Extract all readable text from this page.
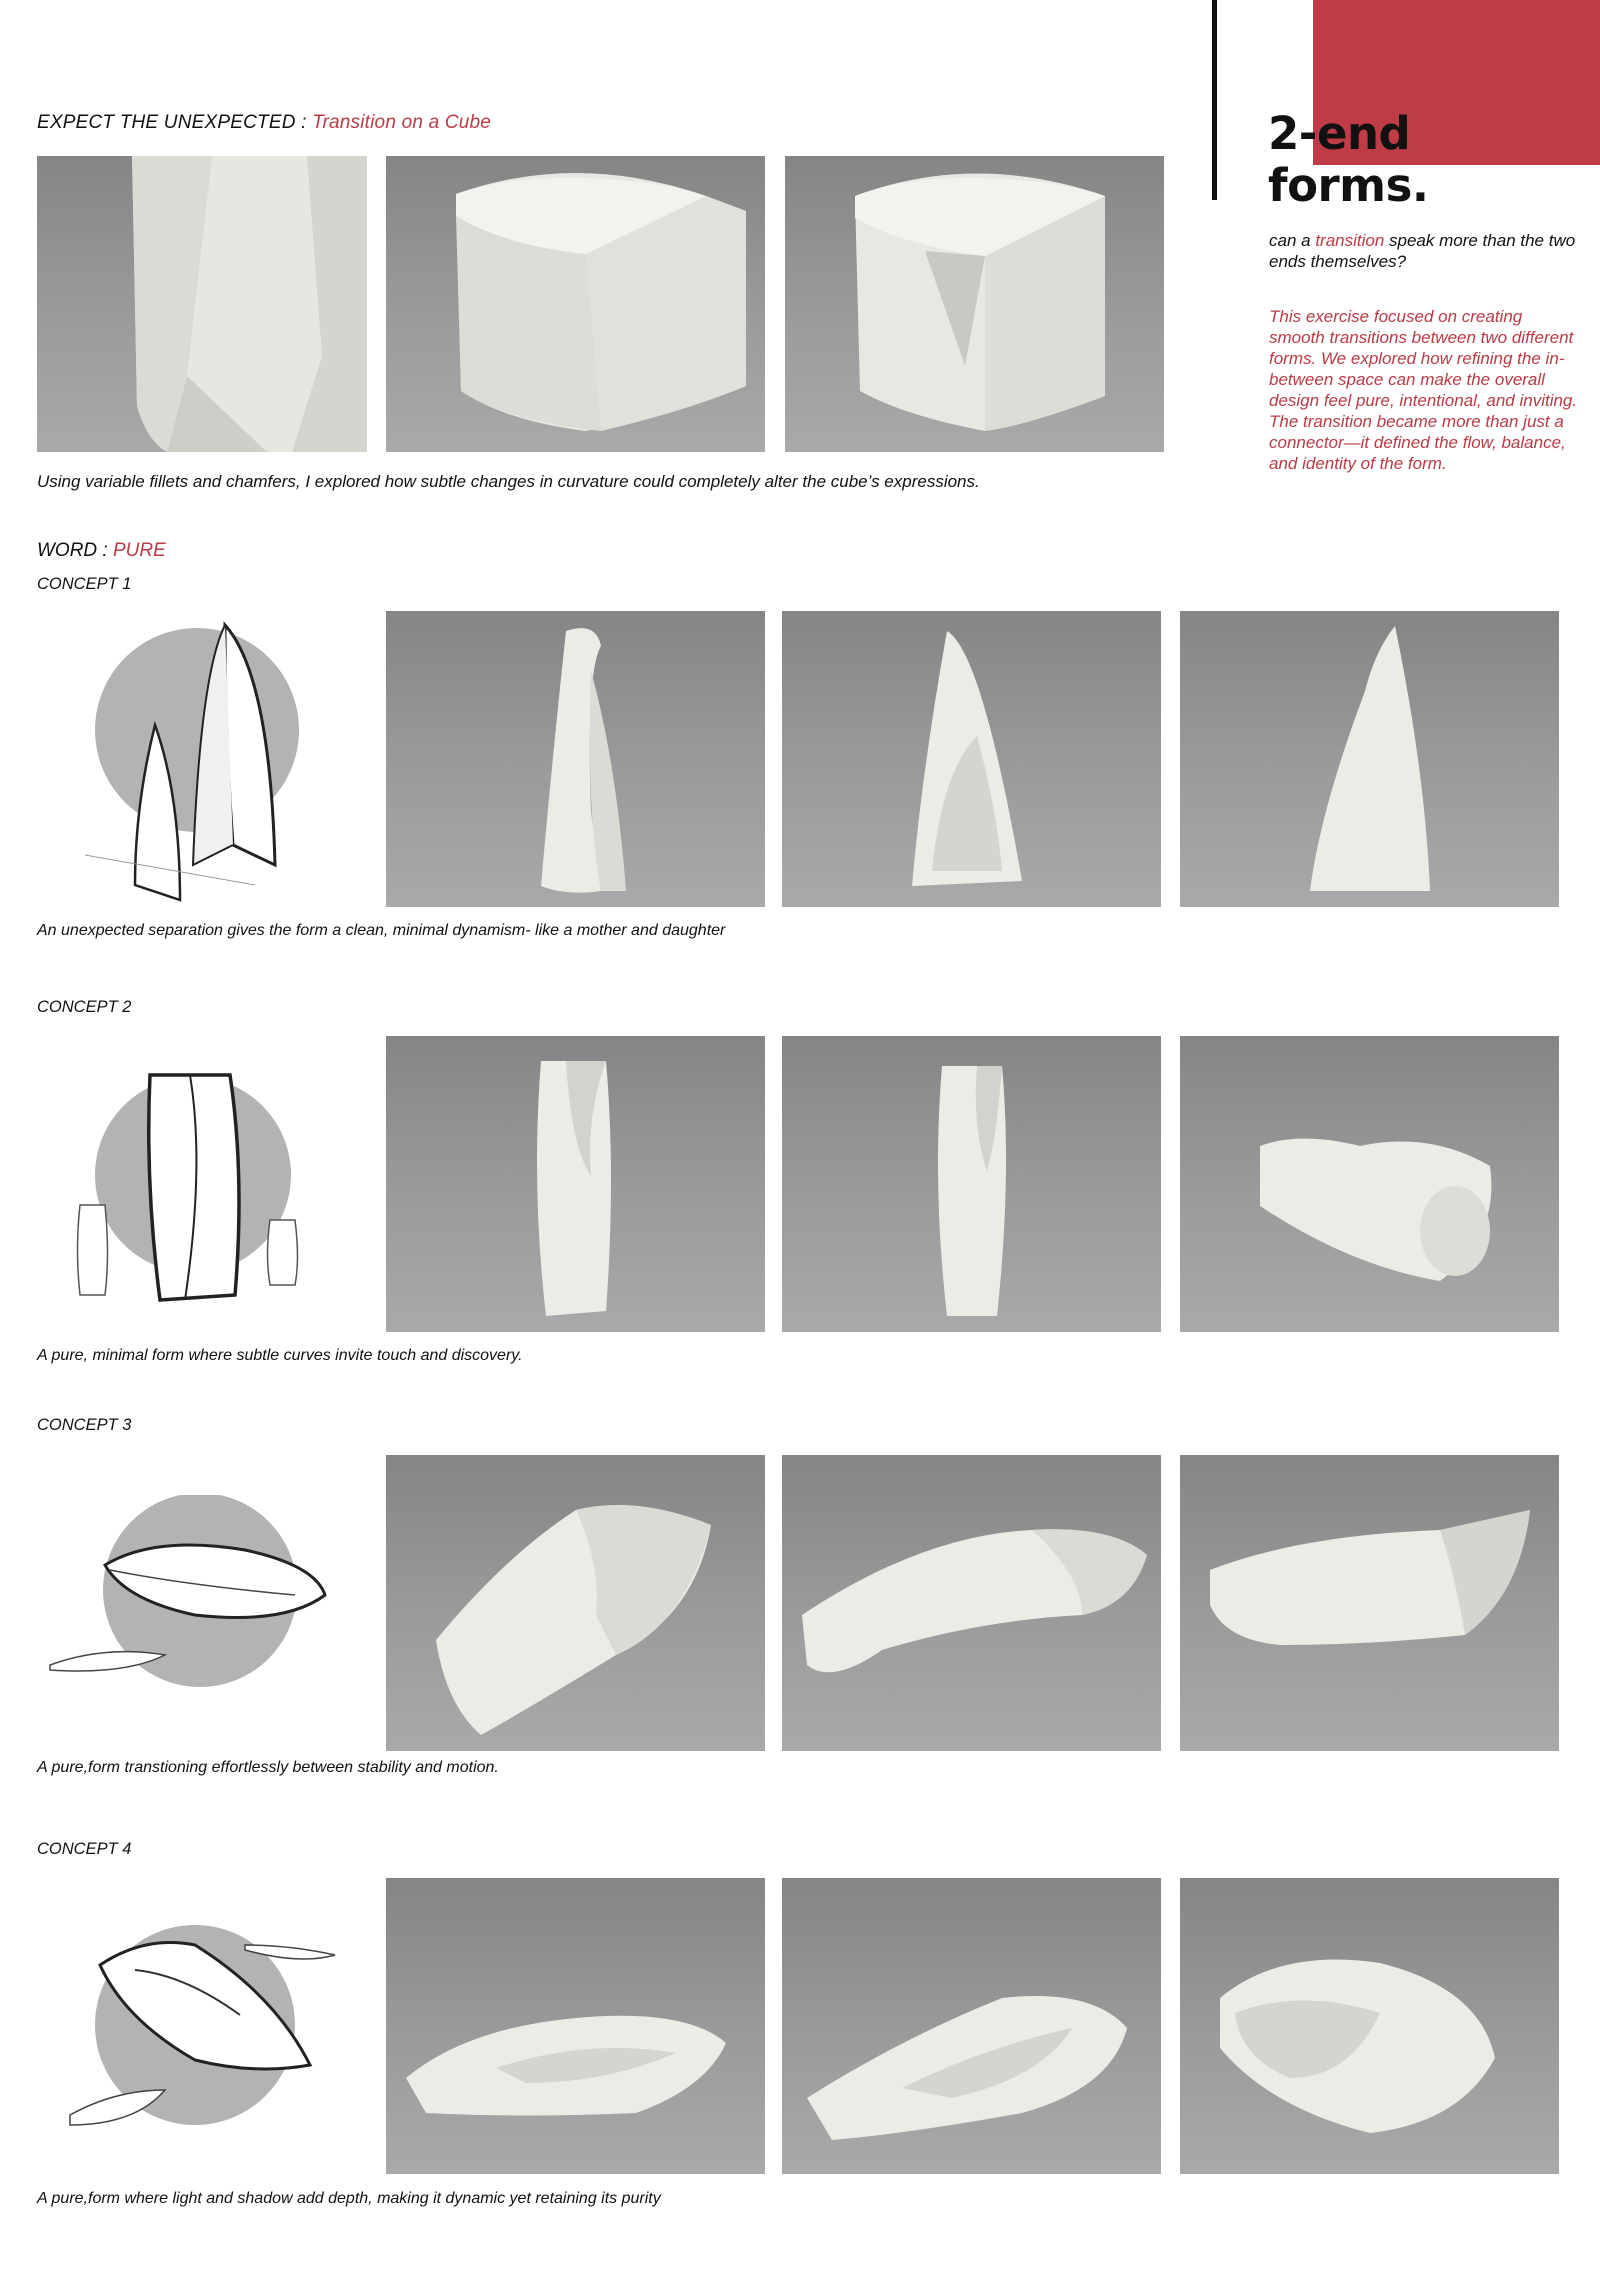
2-end
forms.
can a transition speak more than the two ends themselves?
This exercise focused on creating smooth transitions between two different forms. We explored how refining the in-between space can make the overall design feel pure, intentional, and inviting. The transition became more than just a connector—it defined the flow, balance, and identity of the form.
EXPECT THE UNEXPECTED : Transition on a Cube
Using variable fillets and chamfers, I explored how subtle changes in curvature could completely alter the cube’s expressions.
WORD : PURE
CONCEPT 1
An unexpected separation gives the form a clean, minimal dynamism- like a mother and daughter
CONCEPT 2
A pure, minimal form where subtle curves invite touch and discovery.
CONCEPT 3
A pure,form transtioning effortlessly between stability and motion.
CONCEPT 4
A pure,form where light and shadow add depth, making it dynamic yet retaining its purity
